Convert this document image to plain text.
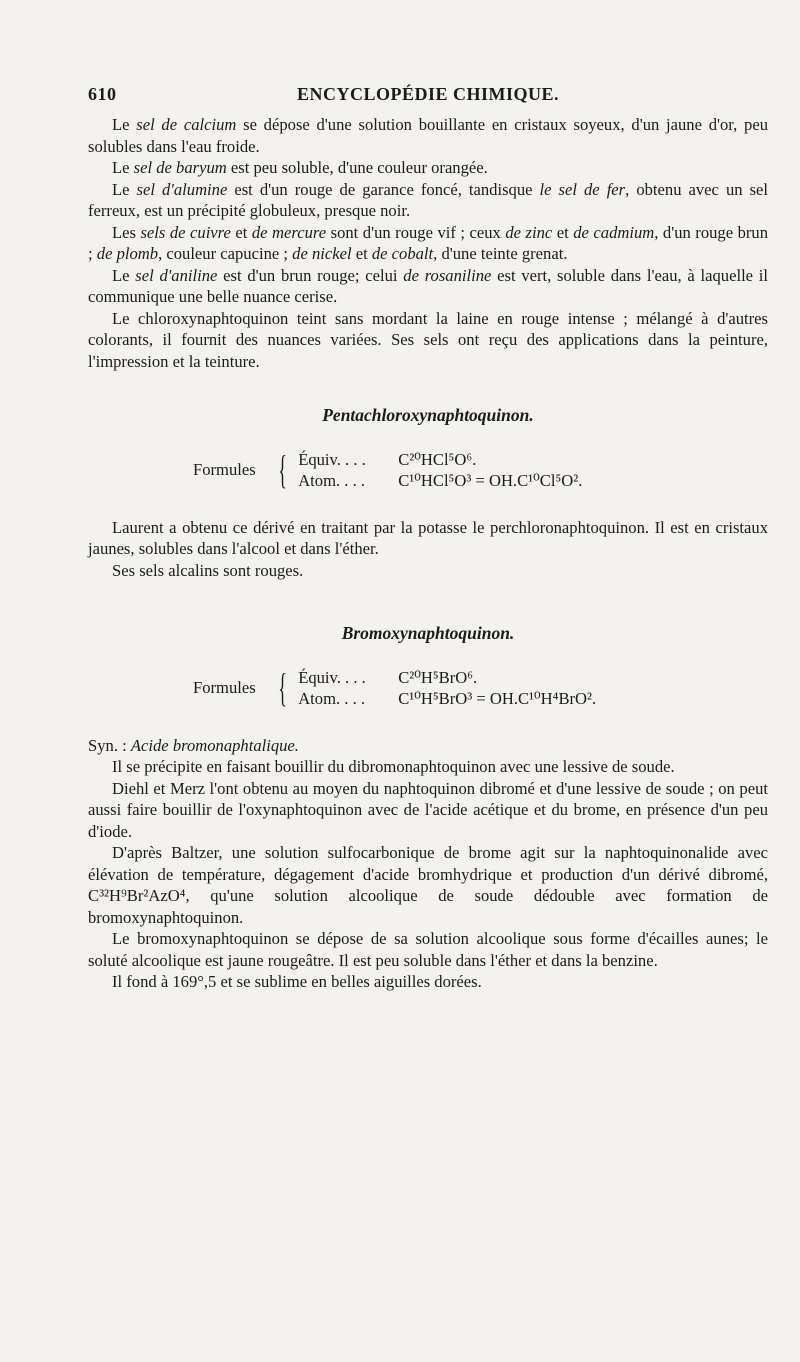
610	ENCYCLOPÉDIE CHIMIQUE.

Le sel de calcium se dépose d'une solution bouillante en cristaux soyeux, d'un jaune d'or, peu solubles dans l'eau froide.

Le sel de baryum est peu soluble, d'une couleur orangée.

Le sel d'alumine est d'un rouge de garance foncé, tandisque le sel de fer, obtenu avec un sel ferreux, est un précipité globuleux, presque noir.

Les sels de cuivre et de mercure sont d'un rouge vif ; ceux de zinc et de cadmium, d'un rouge brun ; de plomb, couleur capucine ; de nickel et de cobalt, d'une teinte grenat.

Le sel d'aniline est d'un brun rouge; celui de rosaniline est vert, soluble dans l'eau, à laquelle il communique une belle nuance cerise.

Le chloroxynaphtoquinon teint sans mordant la laine en rouge intense ; mélangé à d'autres colorants, il fournit des nuances variées. Ses sels ont reçu des applications dans la peinture, l'impression et la teinture.

Pentachloroxynaphtoquinon.

Formules { Équiv. . . .	C²⁰HCl⁵O⁶.
Atom. . . .	C¹⁰HCl⁵O³ = OH.C¹⁰Cl⁵O².

Laurent a obtenu ce dérivé en traitant par la potasse le perchloronaphtoquinon. Il est en cristaux jaunes, solubles dans l'alcool et dans l'éther.

Ses sels alcalins sont rouges.

Bromoxynaphtoquinon.

Formules { Équiv. . . .	C²⁰H⁵BrO⁶.
Atom. . . .	C¹⁰H⁵BrO³ = OH.C¹⁰H⁴BrO².

Syn. : Acide bromonaphtalique.

Il se précipite en faisant bouillir du dibromonaphtoquinon avec une lessive de soude.

Diehl et Merz l'ont obtenu au moyen du naphtoquinon dibromé et d'une lessive de soude ; on peut aussi faire bouillir de l'oxynaphtoquinon avec de l'acide acétique et du brome, en présence d'un peu d'iode.

D'après Baltzer, une solution sulfocarbonique de brome agit sur la naphtoquinonalide avec élévation de température, dégagement d'acide bromhydrique et production d'un dérivé dibromé, C³²H⁹Br²AzO⁴, qu'une solution alcoolique de soude dédouble avec formation de bromoxynaphtoquinon.

Le bromoxynaphtoquinon se dépose de sa solution alcoolique sous forme d'écailles aunes; le soluté alcoolique est jaune rougeâtre. Il est peu soluble dans l'éther et dans la benzine.

Il fond à 169°,5 et se sublime en belles aiguilles dorées.
